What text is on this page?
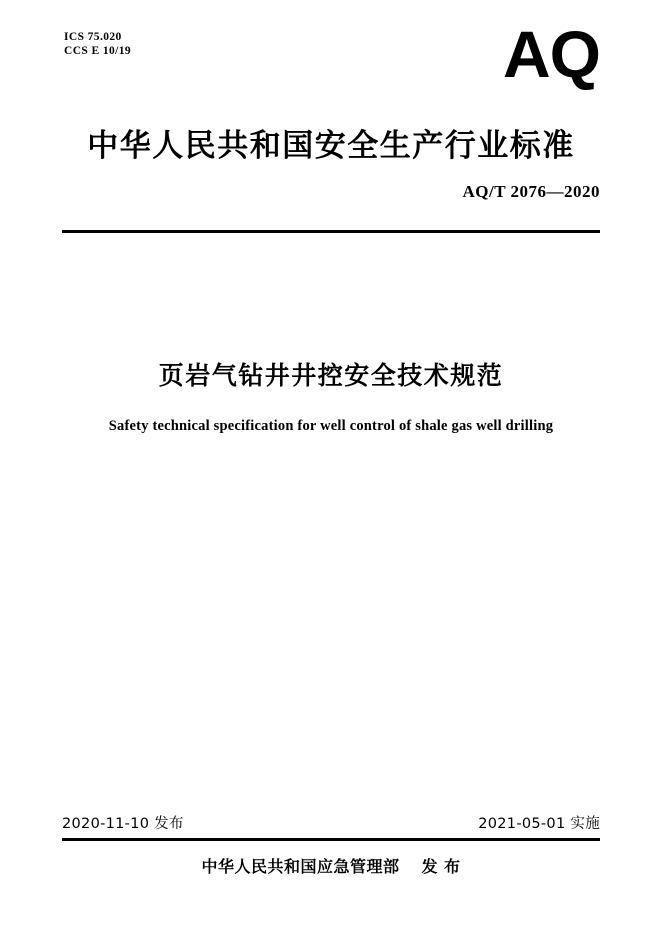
ICS 75.020
CCS E 10/19	AQ
中华人民共和国安全生产行业标准
AQ/T 2076—2020
页岩气钻井井控安全技术规范
Safety technical specification for well control of shale gas well drilling
2020-11-10 发布	2021-05-01 实施
中华人民共和国应急管理部 发 布
